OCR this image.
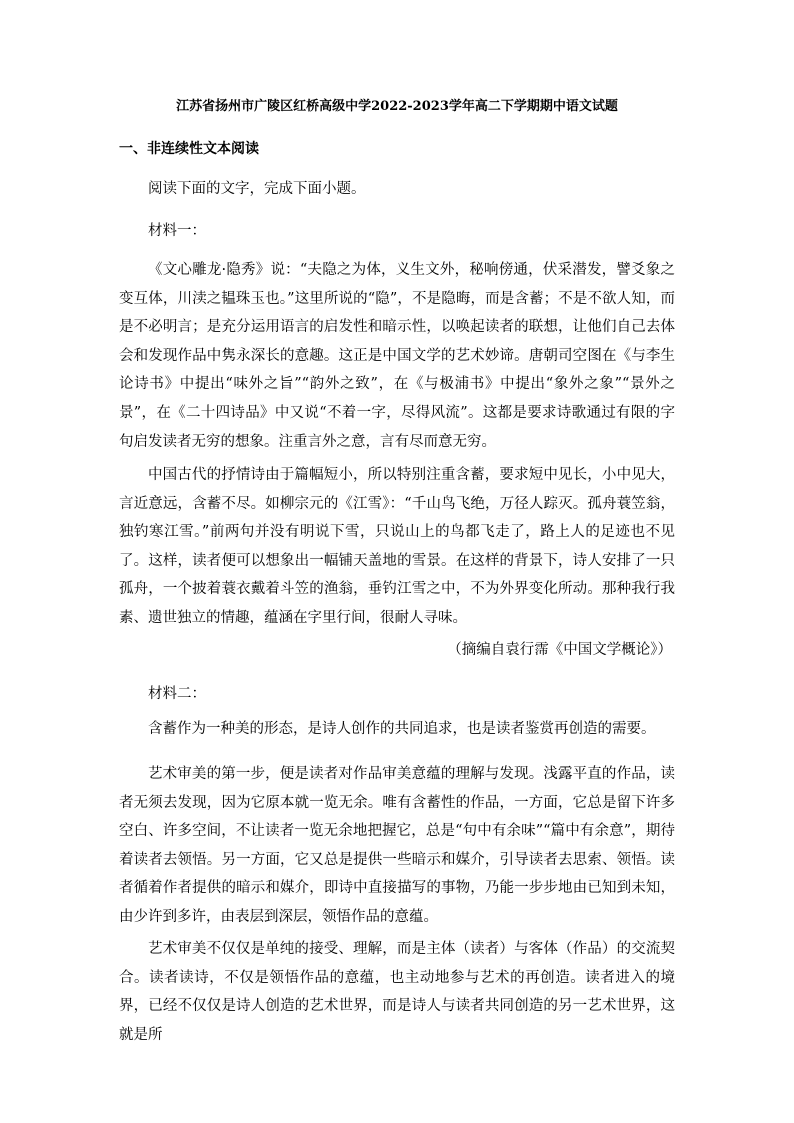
江苏省扬州市广陵区红桥高级中学2022-2023学年高二下学期期中语文试题
一、非连续性文本阅读
阅读下面的文字，完成下面小题。
材料一：

《文心雕龙·隐秀》说：“夫隐之为体，义生文外，秘响傍通，伏采潜发，譬爻象之变互体，川渎之韫珠玉也。”这里所说的“隐”，不是隐晦，而是含蓄；不是不欲人知，而是不必明言；是充分运用语言的启发性和暗示性，以唤起读者的联想，让他们自己去体会和发现作品中隽永深长的意趣。这正是中国文学的艺术妙谛。唐朝司空图在《与李生论诗书》中提出“味外之旨”“韵外之致”，在《与极浦书》中提出“象外之象”“景外之景”，在《二十四诗品》中又说“不着一字，尽得风流”。这都是要求诗歌通过有限的字句启发读者无穷的想象。注重言外之意，言有尽而意无穷。

中国古代的抒情诗由于篇幅短小，所以特别注重含蓄，要求短中见长，小中见大，言近意远，含蓄不尽。如柳宗元的《江雪》：“千山鸟飞绝，万径人踪灭。孤舟蓑笠翁，独钓寒江雪。”前两句并没有明说下雪，只说山上的鸟都飞走了，路上人的足迹也不见了。这样，读者便可以想象出一幅铺天盖地的雪景。在这样的背景下，诗人安排了一只孤舟，一个披着蓑衣戴着斗笠的渔翁，垂钓江雪之中，不为外界变化所动。那种我行我素、遗世独立的情趣，蕴涵在字里行间，很耐人寻味。

（摘编自袁行霈《中国文学概论》）
材料二：

含蓄作为一种美的形态，是诗人创作的共同追求，也是读者鉴赏再创造的需要。

艺术审美的第一步，便是读者对作品审美意蕴的理解与发现。浅露平直的作品，读者无须去发现，因为它原本就一览无余。唯有含蓄性的作品，一方面，它总是留下许多空白、许多空间，不让读者一览无余地把握它，总是“句中有余味”“篇中有余意”，期待着读者去领悟。另一方面，它又总是提供一些暗示和媒介，引导读者去思索、领悟。读者循着作者提供的暗示和媒介，即诗中直接描写的事物，乃能一步步地由已知到未知，由少许到多许，由表层到深层，领悟作品的意蕴。

艺术审美不仅仅是单纯的接受、理解，而是主体（读者）与客体（作品）的交流契合。读者读诗，不仅是领悟作品的意蕴，也主动地参与艺术的再创造。读者进入的境界，已经不仅仅是诗人创造的艺术世界，而是诗人与读者共同创造的另一艺术世界，这就是所
